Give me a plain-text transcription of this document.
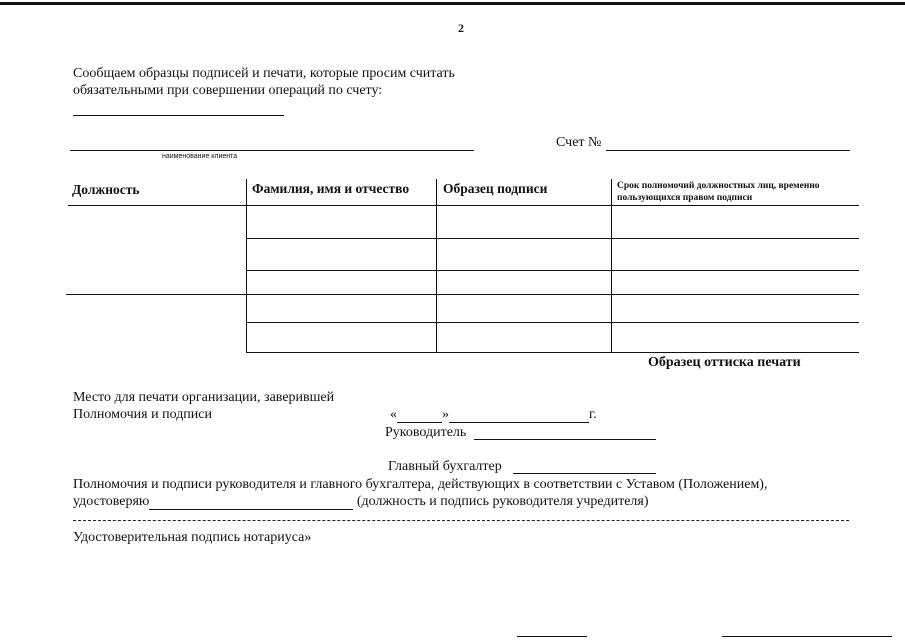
2
Сообщаем образцы подписей и печати, которые просим считать
обязательными при совершении операций по счету:
наименование клиента
Счет №
Должность	Фамилия, имя и отчество	Образец подписи	Срок полномочий должностных лиц, временно пользующихся правом подписи
Образец оттиска печати
Место для печати организации, заверившей
Полномочия и подписи	«	»	г.
Руководитель
Главный бухгалтер
Полномочия и подписи руководителя и главного бухгалтера, действующих в соответствии с Уставом (Положением),
удостоверяю	(должность и подпись руководителя учредителя)
Удостоверительная подпись нотариуса»
